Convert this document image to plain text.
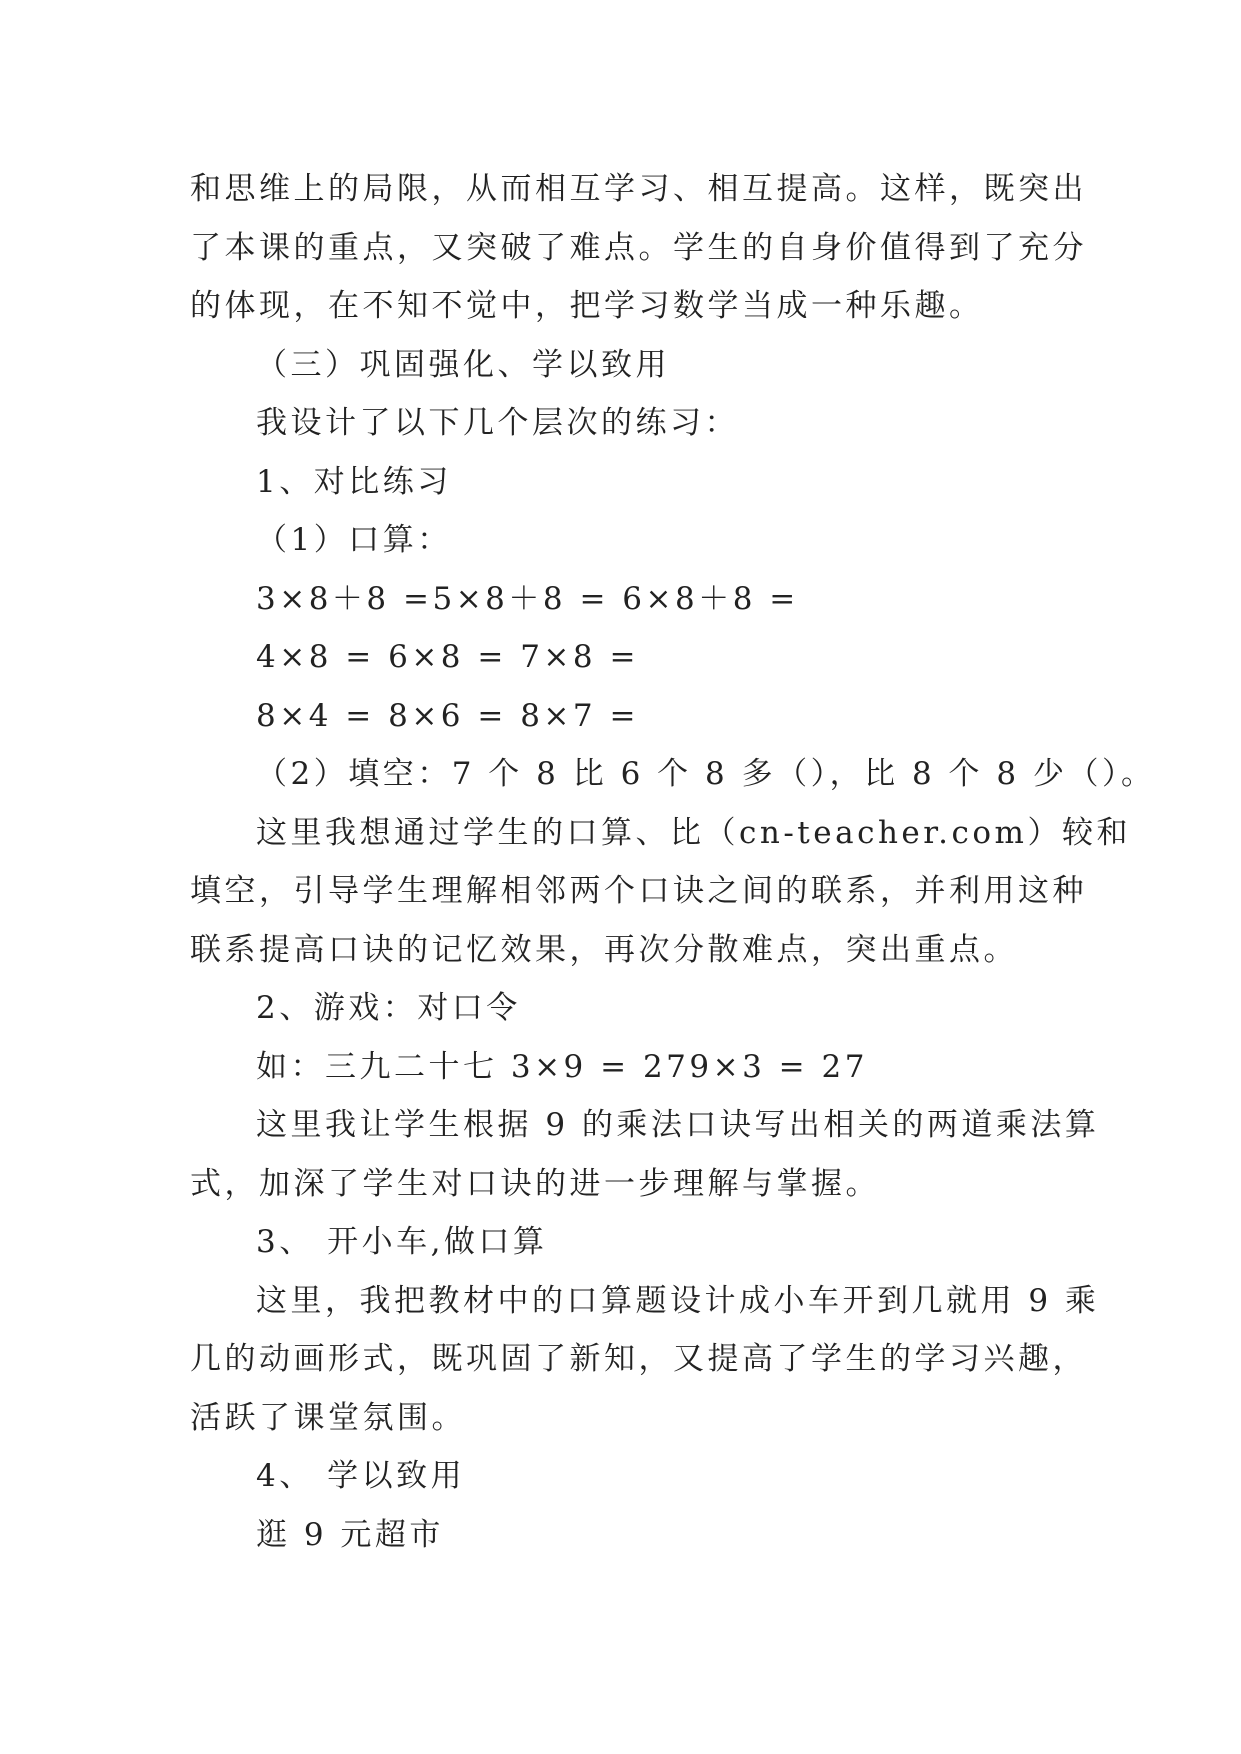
和思维上的局限，从而相互学习、相互提高。这样，既突出
了本课的重点，又突破了难点。学生的自身价值得到了充分
的体现，在不知不觉中，把学习数学当成一种乐趣。
（三）巩固强化、学以致用
我设计了以下几个层次的练习：
1、对比练习
（1）口算：
3×8＋8 =5×8＋8 = 6×8＋8 =
4×8 = 6×8 = 7×8 =
8×4 = 8×6 = 8×7 =
（2）填空：7 个 8 比 6 个 8 多（），比 8 个 8 少（）。
这里我想通过学生的口算、比（cn-teacher.com）较和
填空，引导学生理解相邻两个口诀之间的联系，并利用这种
联系提高口诀的记忆效果，再次分散难点，突出重点。
2、游戏：对口令
如：三九二十七 3×9 = 279×3 = 27
这里我让学生根据 9 的乘法口诀写出相关的两道乘法算
式，加深了学生对口诀的进一步理解与掌握。
3、 开小车,做口算
这里，我把教材中的口算题设计成小车开到几就用 9 乘
几的动画形式，既巩固了新知，又提高了学生的学习兴趣，
活跃了课堂氛围。
4、 学以致用
逛 9 元超市
